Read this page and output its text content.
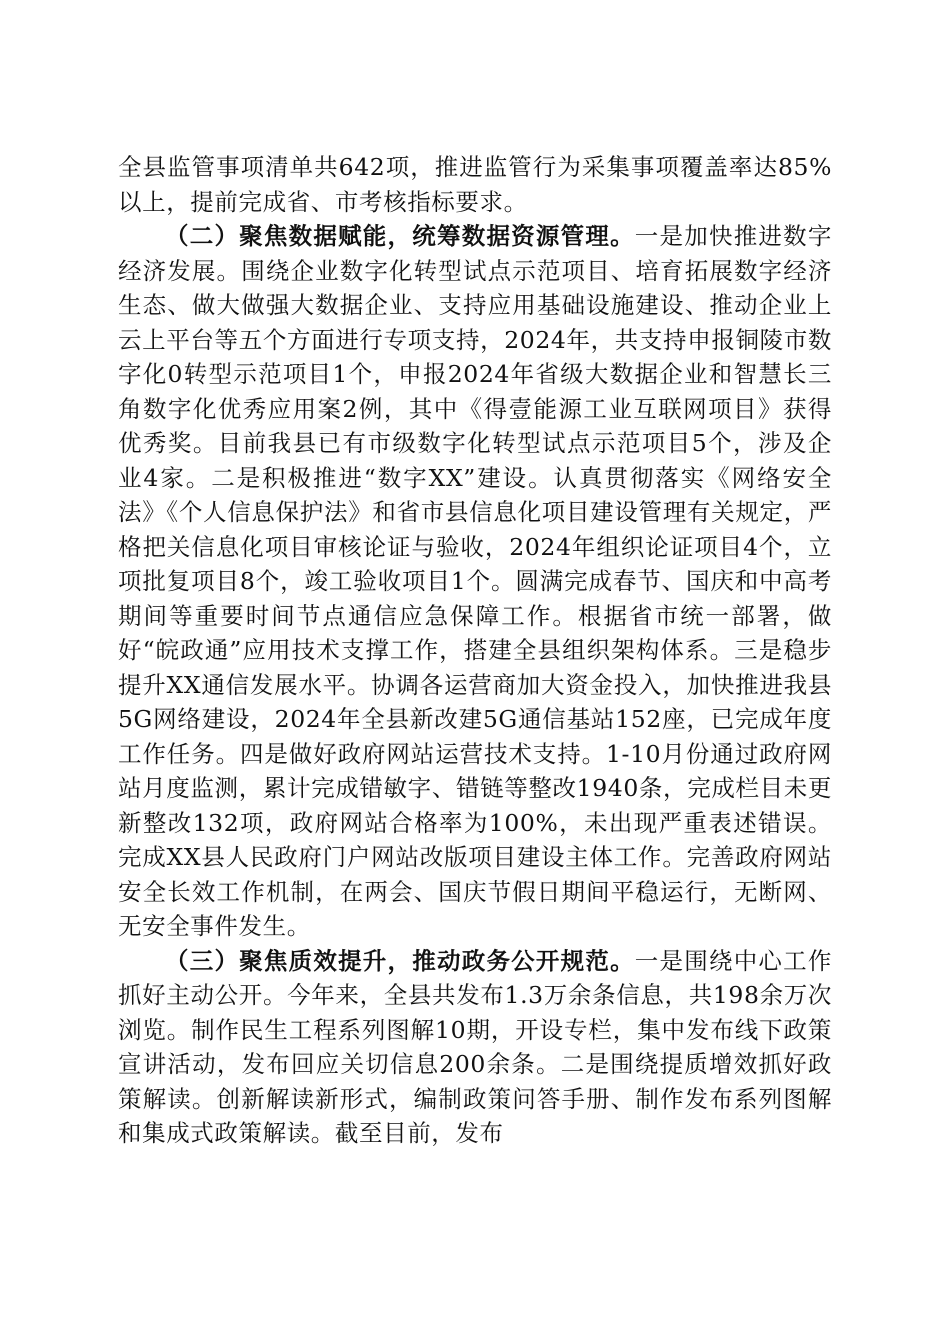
全县监管事项清单共642项，推进监管行为采集事项覆盖率达85%以上，提前完成省、市考核指标要求。

（二）聚焦数据赋能，统筹数据资源管理。一是加快推进数字经济发展。围绕企业数字化转型试点示范项目、培育拓展数字经济生态、做大做强大数据企业、支持应用基础设施建设、推动企业上云上平台等五个方面进行专项支持，2024年，共支持申报铜陵市数字化0转型示范项目1个，申报2024年省级大数据企业和智慧长三角数字化优秀应用案2例，其中《得壹能源工业互联网项目》获得优秀奖。目前我县已有市级数字化转型试点示范项目5个，涉及企业4家。二是积极推进“数字XX”建设。认真贯彻落实《网络安全法》《个人信息保护法》和省市县信息化项目建设管理有关规定，严格把关信息化项目审核论证与验收，2024年组织论证项目4个，立项批复项目8个，竣工验收项目1个。圆满完成春节、国庆和中高考期间等重要时间节点通信应急保障工作。根据省市统一部署，做好“皖政通”应用技术支撑工作，搭建全县组织架构体系。三是稳步提升XX通信发展水平。协调各运营商加大资金投入，加快推进我县5G网络建设，2024年全县新改建5G通信基站152座，已完成年度工作任务。四是做好政府网站运营技术支持。1-10月份通过政府网站月度监测，累计完成错敏字、错链等整改1940条，完成栏目未更新整改132项，政府网站合格率为100%，未出现严重表述错误。完成XX县人民政府门户网站改版项目建设主体工作。完善政府网站安全长效工作机制，在两会、国庆节假日期间平稳运行，无断网、无安全事件发生。

（三）聚焦质效提升，推动政务公开规范。一是围绕中心工作抓好主动公开。今年来，全县共发布1.3万余条信息，共198余万次浏览。制作民生工程系列图解10期，开设专栏，集中发布线下政策宣讲活动，发布回应关切信息200余条。二是围绕提质增效抓好政策解读。创新解读新形式，编制政策问答手册、制作发布系列图解和集成式政策解读。截至目前，发布
